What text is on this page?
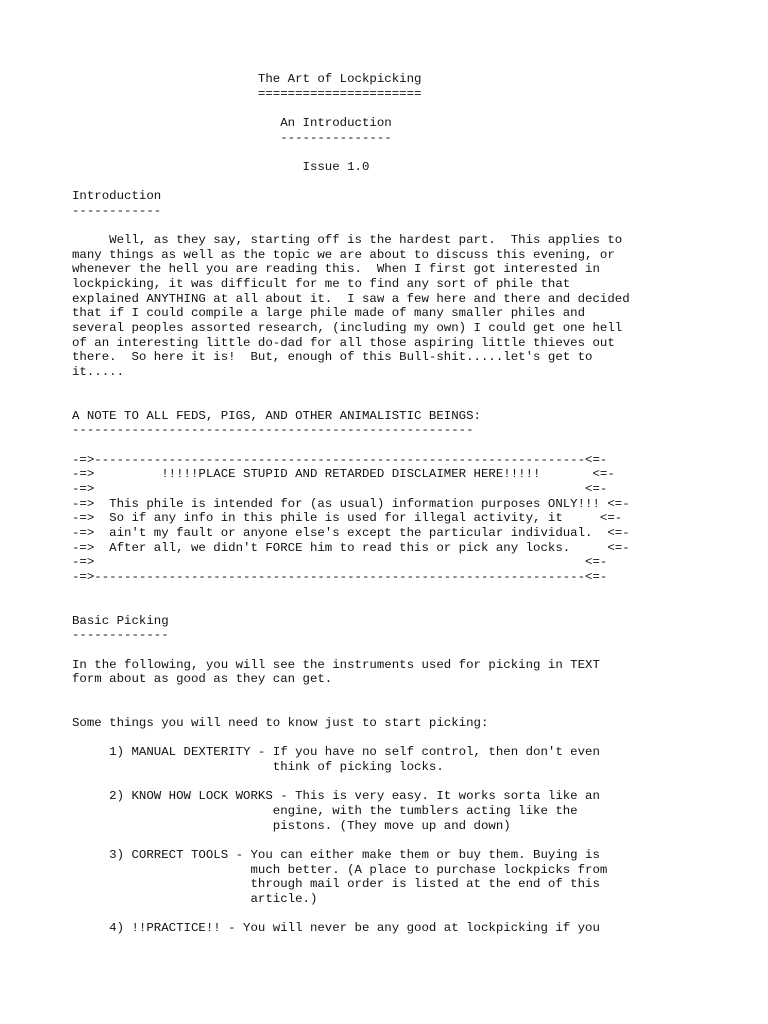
The Art of Lockpicking
======================
An Introduction
---------------
Issue 1.0
Introduction
------------
Well, as they say, starting off is the hardest part.  This applies to
many things as well as the topic we are about to discuss this evening, or
whenever the hell you are reading this.  When I first got interested in
lockpicking, it was difficult for me to find any sort of phile that
explained ANYTHING at all about it.  I saw a few here and there and decided
that if I could compile a large phile made of many smaller philes and
several peoples assorted research, (including my own) I could get one hell
of an interesting little do-dad for all those aspiring little thieves out
there.  So here it is!  But, enough of this Bull-shit.....let's get to
it.....
A NOTE TO ALL FEDS, PIGS, AND OTHER ANIMALISTIC BEINGS:
------------------------------------------------------
-=>------------------------------------------------------------------<=-
-=>         !!!!!PLACE STUPID AND RETARDED DISCLAIMER HERE!!!!!       <=-
-=>                                                                  <=-
-=>  This phile is intended for (as usual) information purposes ONLY!!! <=-
-=>  So if any info in this phile is used for illegal activity, it     <=-
-=>  ain't my fault or anyone else's except the particular individual.  <=-
-=>  After all, we didn't FORCE him to read this or pick any locks.     <=-
-=>                                                                  <=-
-=>------------------------------------------------------------------<=-
Basic Picking
-------------
In the following, you will see the instruments used for picking in TEXT
form about as good as they can get.
Some things you will need to know just to start picking:
1) MANUAL DEXTERITY - If you have no self control, then don't even
think of picking locks.
2) KNOW HOW LOCK WORKS - This is very easy. It works sorta like an
engine, with the tumblers acting like the
pistons. (They move up and down)
3) CORRECT TOOLS - You can either make them or buy them. Buying is
much better. (A place to purchase lockpicks from
through mail order is listed at the end of this
article.)
4) !!PRACTICE!! - You will never be any good at lockpicking if you
